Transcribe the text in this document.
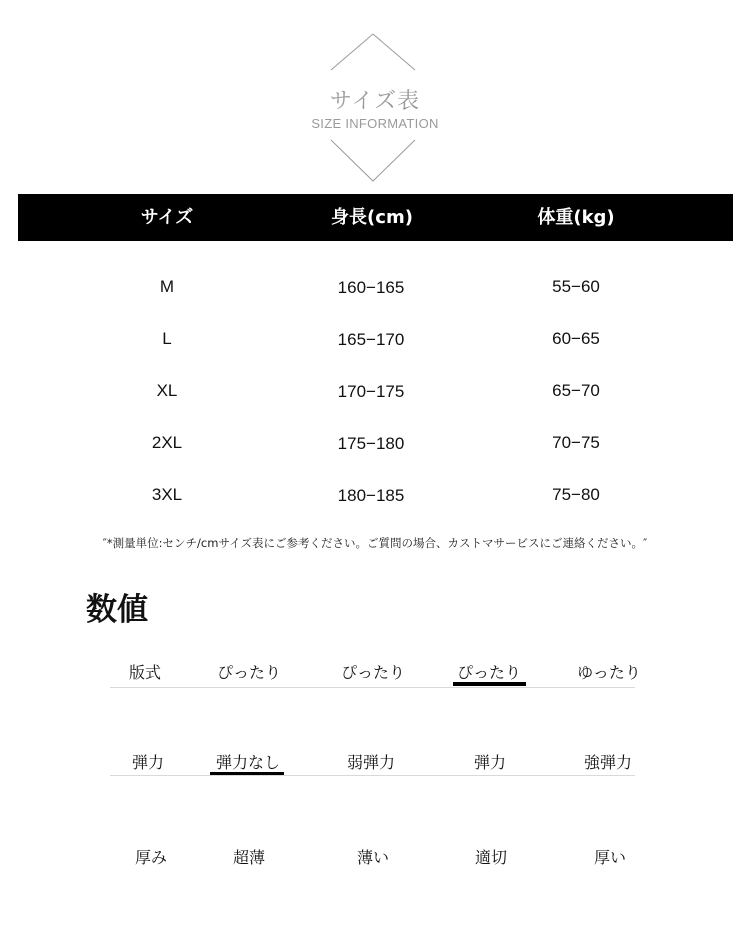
サイズ表
SIZE INFORMATION
サイズ	身長(cm)	体重(kg)
M	160−165	55−60
L	165−170	60−65
XL	170−175	65−70
2XL	175−180	70−75
3XL	180−185	75−80
″*測量単位:センチ/cmサイズ表にご参考ください。ご質問の場合、カストマサービスにご連絡ください。″
数値
版式	ぴったり	ぴったり	ぴったり	ゆったり
弾力	弾力なし	弱弾力	弾力	強弾力
厚み	超薄	薄い	適切	厚い
